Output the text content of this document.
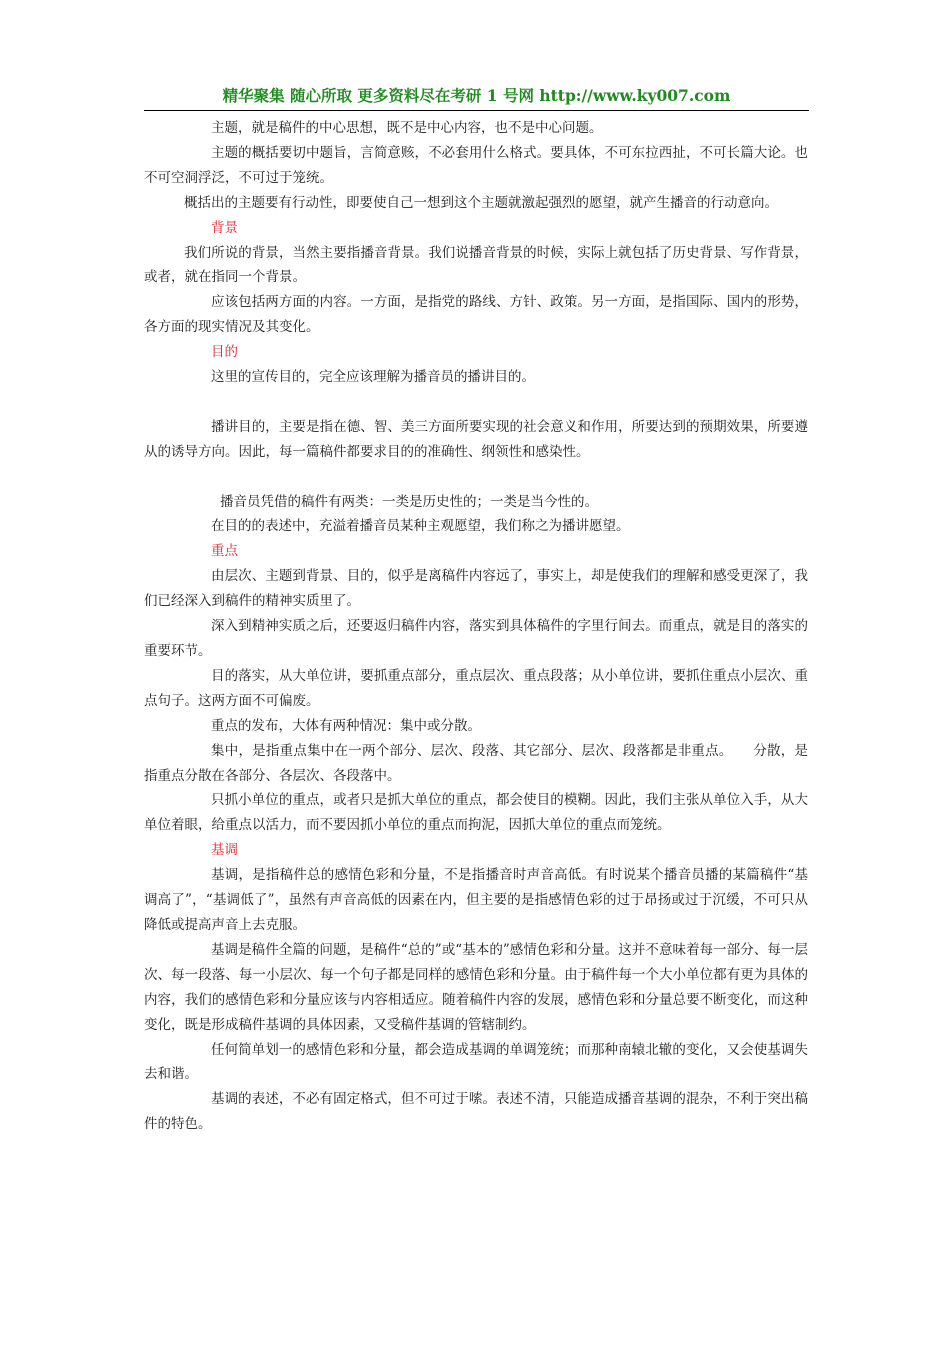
精华聚集 随心所取 更多资料尽在考研 1 号网 http://www.ky007.com

主题，就是稿件的中心思想，既不是中心内容，也不是中心问题。

主题的概括要切中题旨，言简意赅，不必套用什么格式。要具体，不可东拉西扯，不可长篇大论。也不可空洞浮泛，不可过于笼统。

概括出的主题要有行动性，即要使自己一想到这个主题就激起强烈的愿望，就产生播音的行动意向。

背景

我们所说的背景，当然主要指播音背景。我们说播音背景的时候，实际上就包括了历史背景、写作背景，或者，就在指同一个背景。

应该包括两方面的内容。一方面，是指党的路线、方针、政策。另一方面，是指国际、国内的形势，各方面的现实情况及其变化。

目的

这里的宣传目的，完全应该理解为播音员的播讲目的。

播讲目的，主要是指在德、智、美三方面所要实现的社会意义和作用，所要达到的预期效果，所要遵从的诱导方向。因此，每一篇稿件都要求目的的准确性、纲领性和感染性。

播音员凭借的稿件有两类：一类是历史性的；一类是当今性的。

在目的的表述中，充溢着播音员某种主观愿望，我们称之为播讲愿望。

重点

由层次、主题到背景、目的，似乎是离稿件内容远了，事实上，却是使我们的理解和感受更深了，我们已经深入到稿件的精神实质里了。

深入到精神实质之后，还要返归稿件内容，落实到具体稿件的字里行间去。而重点，就是目的落实的重要环节。

目的落实，从大单位讲，要抓重点部分，重点层次、重点段落；从小单位讲，要抓住重点小层次、重点句子。这两方面不可偏废。

重点的发布，大体有两种情况：集中或分散。

集中，是指重点集中在一两个部分、层次、段落、其它部分、层次、段落都是非重点。　　分散，是指重点分散在各部分、各层次、各段落中。

只抓小单位的重点，或者只是抓大单位的重点，都会使目的模糊。因此，我们主张从单位入手，从大单位着眼，给重点以活力，而不要因抓小单位的重点而拘泥，因抓大单位的重点而笼统。

基调

基调，是指稿件总的感情色彩和分量，不是指播音时声音高低。有时说某个播音员播的某篇稿件“基调高了”，“基调低了”，虽然有声音高低的因素在内，但主要的是指感情色彩的过于昂扬或过于沉缓，不可只从降低或提高声音上去克服。

基调是稿件全篇的问题，是稿件“总的”或“基本的”感情色彩和分量。这并不意味着每一部分、每一层次、每一段落、每一小层次、每一个句子都是同样的感情色彩和分量。由于稿件每一个大小单位都有更为具体的内容，我们的感情色彩和分量应该与内容相适应。随着稿件内容的发展，感情色彩和分量总要不断变化，而这种变化，既是形成稿件基调的具体因素，又受稿件基调的管辖制约。

任何简单划一的感情色彩和分量，都会造成基调的单调笼统；而那种南辕北辙的变化，又会使基调失去和谐。

基调的表述，不必有固定格式，但不可过于嗦。表述不清，只能造成播音基调的混杂，不利于突出稿件的特色。
